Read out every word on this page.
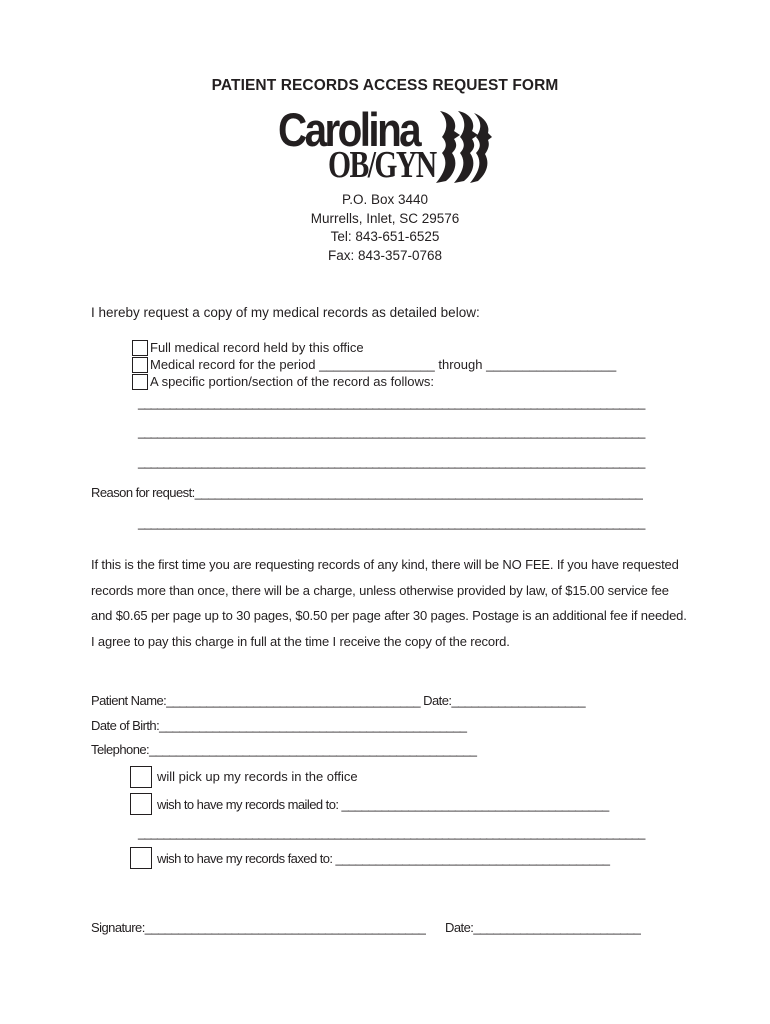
PATIENT RECORDS ACCESS REQUEST FORM
Carolina
OB/GYN
P.O. Box 3440
Murrells, Inlet, SC 29576
Tel: 843-651-6525
Fax: 843-357-0768
I hereby request a copy of my medical records as detailed below:
Full medical record held by this office
Medical record for the period ________________ through __________________
A specific portion/section of the record as follows:
________________________________________________________________________________
________________________________________________________________________________
________________________________________________________________________________
Reason for request:___________________________________________________________________
________________________________________________________________________________
If this is the first time you are requesting records of any kind, there will be NO FEE. If you have requested
records more than once, there will be a charge, unless otherwise provided by law, of $15.00 service fee
and $0.65 per page up to 30 pages, $0.50 per page after 30 pages. Postage is an additional fee if needed.
I agree to pay this charge in full at the time I receive the copy of the record.
Patient Name:______________________________________ Date:____________________
Date of Birth:______________________________________________
Telephone:_________________________________________________
will pick up my records in the office
wish to have my records mailed to: ________________________________________
________________________________________________________________________________
wish to have my records faxed to: _________________________________________
Signature:__________________________________________ Date:_________________________
